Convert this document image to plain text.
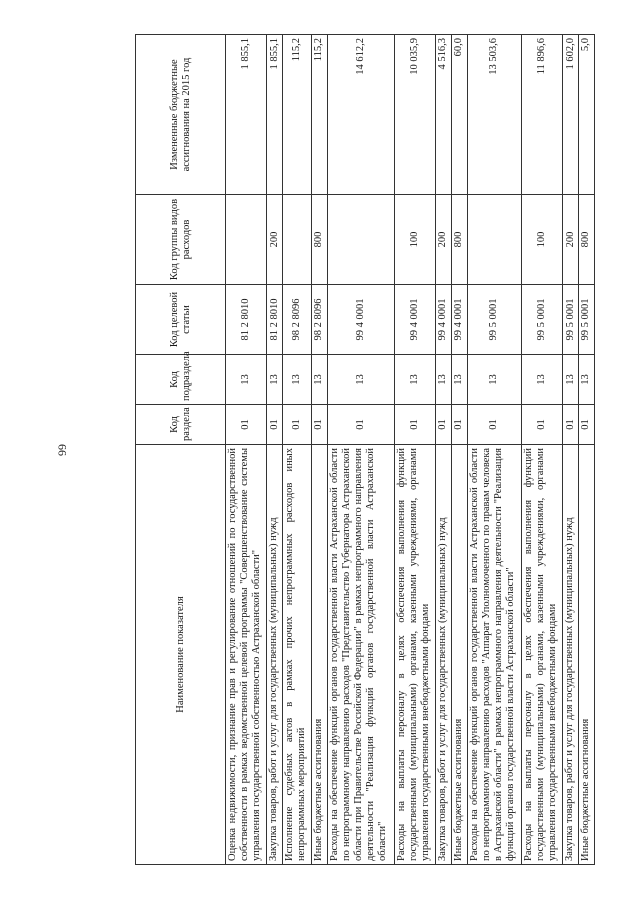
66
Наименование показателя	Код раздела	Код подраздела	Код целевой статьи	Код группы видов расходов	Измененные бюджетные ассигнования на 2015 год
Оценка недвижимости, признание прав и регулирование отношений по государственной собственности в рамках ведомственной целевой программы "Совершенствование системы управления государственной собственностью Астраханской области"	01	13	81 2 8010		1 855,1
Закупка товаров, работ и услуг для государственных (муниципальных) нужд	01	13	81 2 8010	200	1 855,1
Исполнение судебных актов в рамках прочих непрограммных расходов иных непрограммных мероприятий	01	13	98 2 8096		115,2
Иные бюджетные ассигнования	01	13	98 2 8096	800	115,2
Расходы на обеспечение функций органов государственной власти Астраханской области по непрограммному направлению расходов "Представительство Губернатора Астраханской области при Правительстве Российской Федерации" в рамках непрограммного направления деятельности "Реализация функций органов государственной власти Астраханской области"	01	13	99 4 0001		14 612,2
Расходы на выплаты персоналу в целях обеспечения выполнения функций государственными (муниципальными) органами, казенными учреждениями, органами управления государственными внебюджетными фондами	01	13	99 4 0001	100	10 035,9
Закупка товаров, работ и услуг для государственных (муниципальных) нужд	01	13	99 4 0001	200	4 516,3
Иные бюджетные ассигнования	01	13	99 4 0001	800	60,0
Расходы на обеспечение функций органов государственной власти Астраханской области по непрограммному направлению расходов "Аппарат Уполномоченного по правам человека в Астраханской области" в рамках непрограммного направления деятельности "Реализация функций органов государственной власти Астраханской области"	01	13	99 5 0001		13 503,6
Расходы на выплаты персоналу в целях обеспечения выполнения функций государственными (муниципальными) органами, казенными учреждениями, органами управления государственными внебюджетными фондами	01	13	99 5 0001	100	11 896,6
Закупка товаров, работ и услуг для государственных (муниципальных) нужд	01	13	99 5 0001	200	1 602,0
Иные бюджетные ассигнования	01	13	99 5 0001	800	5,0
